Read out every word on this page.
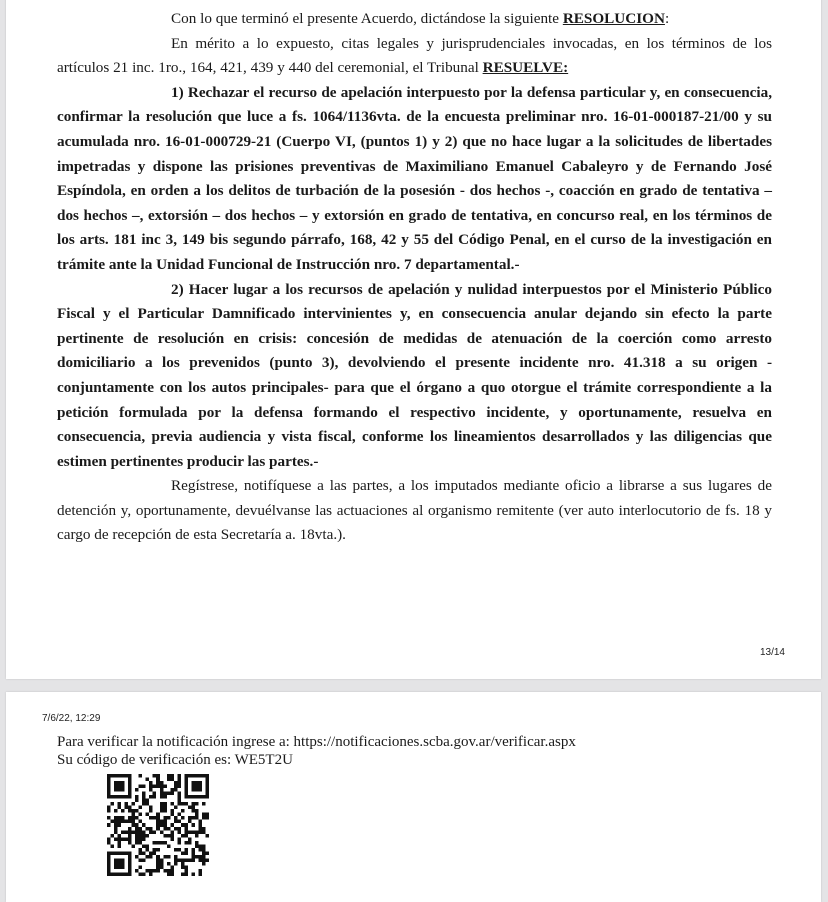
Con lo que terminó el presente Acuerdo, dictándose la siguiente RESOLUCION:

En mérito a lo expuesto, citas legales y jurisprudenciales invocadas, en los términos de los artículos 21 inc. 1ro., 164, 421, 439 y 440 del ceremonial, el Tribunal RESUELVE:

1) Rechazar el recurso de apelación interpuesto por la defensa particular y, en consecuencia, confirmar la resolución que luce a fs. 1064/1136vta. de la encuesta preliminar nro. 16-01-000187-21/00 y su acumulada nro. 16-01-000729-21 (Cuerpo VI, (puntos 1) y 2) que no hace lugar a la solicitudes de libertades impetradas y dispone las prisiones preventivas de Maximiliano Emanuel Cabaleyro y de Fernando José Espíndola, en orden a los delitos de turbación de la posesión - dos hechos -, coacción en grado de tentativa – dos hechos –, extorsión – dos hechos – y extorsión en grado de tentativa, en concurso real, en los términos de los arts. 181 inc 3, 149 bis segundo párrafo, 168, 42 y 55 del Código Penal, en el curso de la investigación en trámite ante la Unidad Funcional de Instrucción nro. 7 departamental.-

2) Hacer lugar a los recursos de apelación y nulidad interpuestos por el Ministerio Público Fiscal y el Particular Damnificado intervinientes y, en consecuencia anular dejando sin efecto la parte pertinente de resolución en crisis: concesión de medidas de atenuación de la coerción como arresto domiciliario a los prevenidos (punto 3), devolviendo el presente incidente nro. 41.318 a su origen -conjuntamente con los autos principales- para que el órgano a quo otorgue el trámite correspondiente a la petición formulada por la defensa formando el respectivo incidente, y oportunamente, resuelva en consecuencia, previa audiencia y vista fiscal, conforme los lineamientos desarrollados y las diligencias que estimen pertinentes producir las partes.-

Regístrese, notifíquese a las partes, a los imputados mediante oficio a librarse a sus lugares de detención y, oportunamente, devuélvanse las actuaciones al organismo remitente (ver auto interlocutorio de fs. 18 y cargo de recepción de esta Secretaría a. 18vta.).

13/14
7/6/22, 12:29
Para verificar la notificación ingrese a: https://notificaciones.scba.gov.ar/verificar.aspx
Su código de verificación es: WE5T2U
